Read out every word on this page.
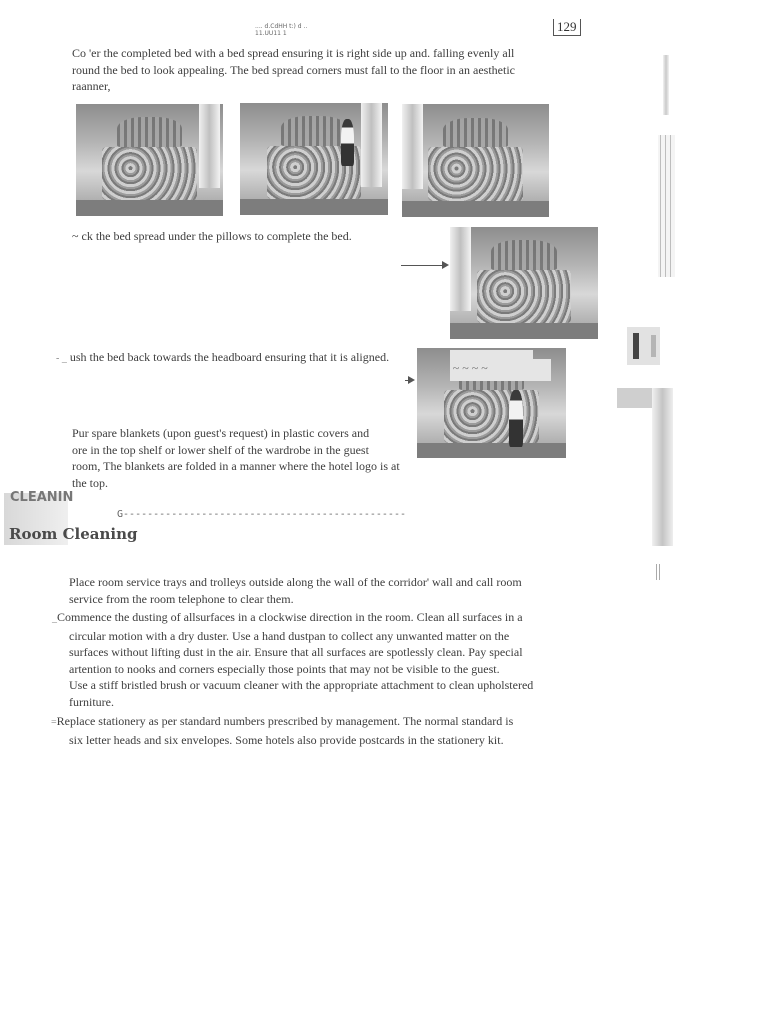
.... d.CdHH t:) d ..
11.UU11 1	129
Co 'er the completed bed with a bed spread ensuring it is right side up and. falling evenly all
round the bed to look appealing. The bed spread corners must fall to the floor in an aesthetic
raanner,
~ ck the bed spread under the pillows to complete the bed.
- _ ush the bed back towards the headboard ensuring that it is aligned.
~ ~ ~ ~
Pur spare blankets (upon guest's request) in plastic covers and
ore in the top shelf or lower shelf of the wardrobe in the guest
room, The blankets are folded in a manner where the hotel logo is at
the top.
CLEANIN
G-----------------------------------------------
Room Cleaning
Place room service trays and trolleys outside along the wall of the corridor' wall and call room
service from the room telephone to clear them.
_Commence the dusting of allsurfaces in a clockwise direction in the room. Clean all surfaces in a
circular motion with a dry duster. Use a hand dustpan to collect any unwanted matter on the
surfaces without lifting dust in the air. Ensure that all surfaces are spotlessly clean. Pay special
artention to nooks and corners especially those points that may not be visible to the guest.
Use a stiff bristled brush or vacuum cleaner with the appropriate attachment to clean upholstered
furniture.
=Replace stationery as per standard numbers prescribed by management. The normal standard is
six letter heads and six envelopes. Some hotels also provide postcards in the stationery kit.
